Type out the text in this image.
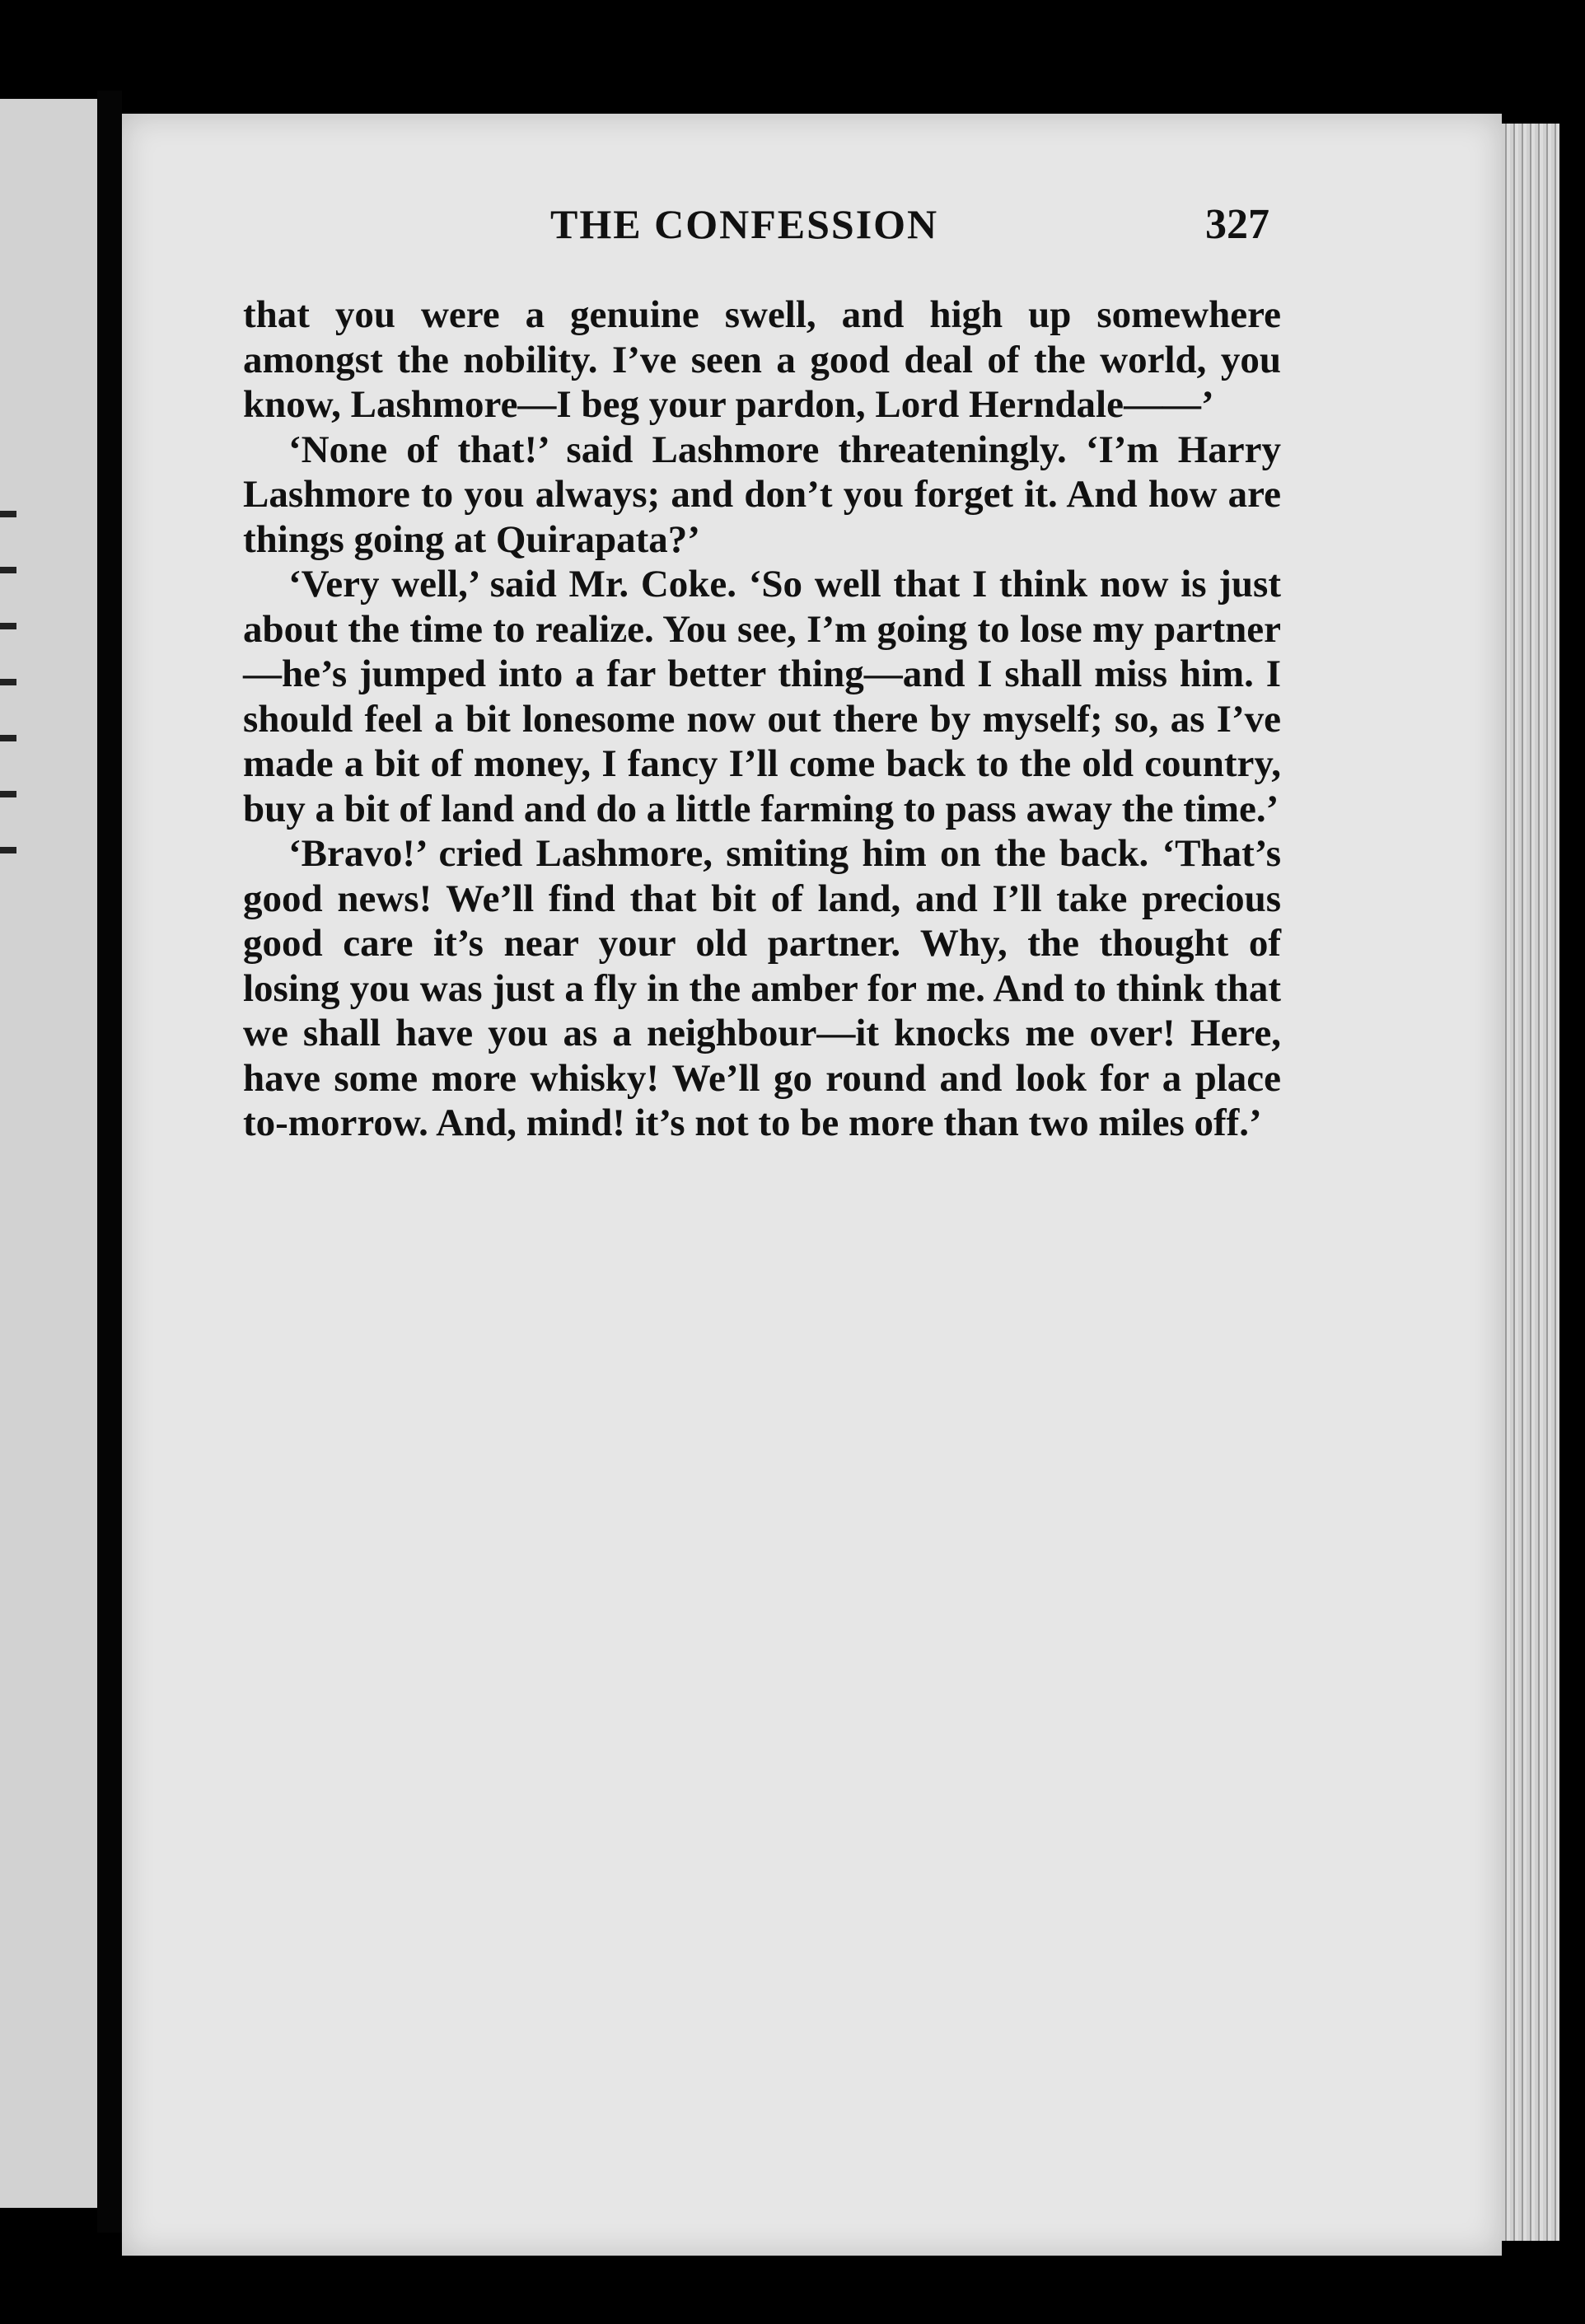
THE CONFESSION	327

that you were a genuine swell, and high up somewhere amongst the nobility. I’ve seen a good deal of the world, you know, Lashmore—I beg your pardon, Lord Herndale——’

‘None of that!’ said Lashmore threateningly. ‘I’m Harry Lashmore to you always; and don’t you forget it. And how are things going at Quirapata?’

‘Very well,’ said Mr. Coke. ‘So well that I think now is just about the time to realize. You see, I’m going to lose my partner—he’s jumped into a far better thing—and I shall miss him. I should feel a bit lonesome now out there by myself; so, as I’ve made a bit of money, I fancy I’ll come back to the old country, buy a bit of land and do a little farming to pass away the time.’

‘Bravo!’ cried Lashmore, smiting him on the back. ‘That’s good news! We’ll find that bit of land, and I’ll take precious good care it’s near your old partner. Why, the thought of losing you was just a fly in the amber for me. And to think that we shall have you as a neighbour—it knocks me over! Here, have some more whisky! We’ll go round and look for a place to-morrow. And, mind! it’s not to be more than two miles off.’
